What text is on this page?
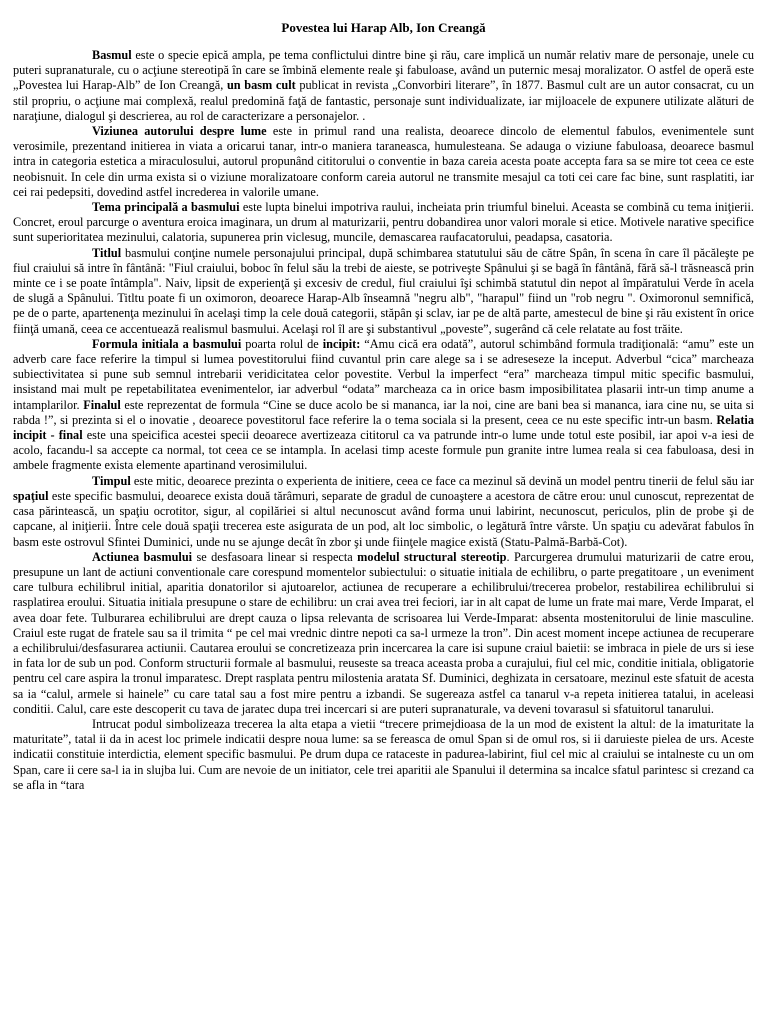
Povestea lui Harap Alb, Ion Creangă

Basmul este o specie epică ampla, pe tema conflictului dintre bine şi rău, care implică un număr relativ mare de personaje, unele cu puteri supranaturale, cu o acţiune stereotipă în care se îmbină elemente reale şi fabuloase, având un puternic mesaj moralizator. O astfel de operă este „Povestea lui Harap-Alb” de Ion Creangă, un basm cult publicat in revista „Convorbiri literare”, în 1877. Basmul cult are un autor consacrat, cu un stil propriu, o acţiune mai complexă, realul predomină faţă de fantastic, personaje sunt individualizate, iar mijloacele de expunere utilizate alături de naraţiune, dialogul şi descrierea, au rol de caracterizare a personajelor. .

Viziunea autorului despre lume este in primul rand una realista, deoarece dincolo de elementul fabulos, evenimentele sunt verosimile, prezentand initierea in viata a oricarui tanar, intr-o maniera taraneasca, humulesteana. Se adauga o viziune fabuloasa, deoarece basmul intra in categoria estetica a miraculosului, autorul propunând cititorului o conventie in baza careia acesta poate accepta fara sa se mire tot ceea ce este neobisnuit. In cele din urma exista si o viziune moralizatoare conform careia autorul ne transmite mesajul ca toti cei care fac bine, sunt rasplatiti, iar cei rai pedepsiti, dovedind astfel increderea in valorile umane.

Tema principală a basmului este lupta binelui impotriva raului, incheiata prin triumful binelui. Aceasta se combină cu tema iniţierii. Concret, eroul parcurge o aventura eroica imaginara, un drum al maturizarii, pentru dobandirea unor valori morale si etice. Motivele narative specifice sunt superioritatea mezinului, calatoria, supunerea prin viclesug, muncile, demascarea raufacatorului, peadapsa, casatoria.

Titlul basmului conţine numele personajului principal, după schimbarea statutului său de către Spân, în scena în care îl păcăleşte pe fiul craiului să intre în fântână: "Fiul craiului, boboc în felul său la trebi de aieste, se potriveşte Spânului şi se bagă în fântână, fără să-l trăsnească prin minte ce i se poate întâmpla". Naiv, lipsit de experienţă şi excesiv de credul, fiul craiului îşi schimbă statutul din nepot al împăratului Verde în acela de slugă a Spânului. Titltu poate fi un oximoron, deoarece Harap-Alb înseamnă "negru alb", "harapul" fiind un "rob negru ". Oximoronul semnifică, pe de o parte, apartenenţa mezinului în acelaşi timp la cele două categorii, stăpân şi sclav, iar pe de altă parte, amestecul de bine şi rău existent în orice fiinţă umană, ceea ce accentuează realismul basmului. Acelaşi rol îl are şi substantivul „poveste”, sugerând că cele relatate au fost trăite.

Formula initiala a basmului poarta rolul de incipit: “Amu cică era odată”, autorul schimbând formula tradiţională: “amu” este un adverb care face referire la timpul si lumea povestitorului fiind cuvantul prin care alege sa i se adreseseze la inceput. Adverbul “cica” marcheaza subiectivitatea si pune sub semnul intrebarii veridicitatea celor povestite. Verbul la imperfect “era” marcheaza timpul mitic specific basmului, insistand mai mult pe repetabilitatea evenimentelor, iar adverbul “odata” marcheaza ca in orice basm imposibilitatea plasarii intr-un timp anume a intamplarilor. Finalul este reprezentat de formula “Cine se duce acolo be si mananca, iar la noi, cine are bani bea si mananca, iara cine nu, se uita si rabda !”, si prezinta si el o inovatie , deoarece povestitorul face referire la o tema sociala si la present, ceea ce nu este specific intr-un basm. Relatia incipit - final este una speicifica acestei specii deoarece avertizeaza cititorul ca va patrunde intr-o lume unde totul este posibil, iar apoi v-a iesi de acolo, facandu-l sa accepte ca normal, tot ceea ce se intampla. In acelasi timp aceste formule pun granite intre lumea reala si cea fabuloasa, desi in ambele fragmente exista elemente apartinand verosimilului.

Timpul este mitic, deoarece prezinta o experienta de initiere, ceea ce face ca mezinul să devină un model pentru tinerii de felul său iar spaţiul este specific basmului, deoarece exista două tărâmuri, separate de gradul de cunoaştere a acestora de către erou: unul cunoscut, reprezentat de casa părintească, un spaţiu ocrotitor, sigur, al copilăriei si altul necunoscut având forma unui labirint, necunoscut, periculos, plin de probe şi de capcane, al iniţierii. Între cele două spaţii trecerea este asigurata de un pod, alt loc simbolic, o legătură între vârste. Un spaţiu cu adevărat fabulos în basm este ostrovul Sfintei Duminici, unde nu se ajunge decât în zbor şi unde fiinţele magice există (Statu-Palmă-Barbă-Cot).

Actiunea basmului se desfasoara linear si respecta modelul structural stereotip. Parcurgerea drumului maturizarii de catre erou, presupune un lant de actiuni conventionale care corespund momentelor subiectului: o situatie initiala de echilibru, o parte pregatitoare , un eveniment care tulbura echilibrul initial, aparitia donatorilor si ajutoarelor, actiunea de recuperare a echilibrului/trecerea probelor, restabilirea echilibrului si rasplatirea eroului. Situatia initiala presupune o stare de echilibru: un crai avea trei feciori, iar in alt capat de lume un frate mai mare, Verde Imparat, el avea doar fete. Tulburarea echilibrului are drept cauza o lipsa relevanta de scrisoarea lui Verde-Imparat: absenta mostenitorului de linie masculine. Craiul este rugat de fratele sau sa il trimita “ pe cel mai vrednic dintre nepoti ca sa-l urmeze la tron”. Din acest moment incepe actiunea de recuperare a echilibrului/desfasurarea actiunii. Cautarea eroului se concretizeaza prin incercarea la care isi supune craiul baietii: se imbraca in piele de urs si iese in fata lor de sub un pod. Conform structurii formale al basmului, reuseste sa treaca aceasta proba a curajului, fiul cel mic, conditie initiala, obligatorie pentru cel care aspira la tronul imparatesc. Drept rasplata pentru milostenia aratata Sf. Duminici, deghizata in cersatoare, mezinul este sfatuit de acesta sa ia “calul, armele si hainele” cu care tatal sau a fost mire pentru a izbandi. Se sugereaza astfel ca tanarul v-a repeta initierea tatalui, in aceleasi conditii. Calul, care este descoperit cu tava de jaratec dupa trei incercari si are puteri supranaturale, va deveni tovarasul si sfatuitorul tanarului.

Intrucat podul simbolizeaza trecerea la alta etapa a vietii “trecere primejdioasa de la un mod de existent la altul: de la imaturitate la maturitate”, tatal ii da in acest loc primele indicatii despre noua lume: sa se fereasca de omul Span si de omul ros, si ii daruieste pielea de urs. Aceste indicatii constituie interdictia, element specific basmului. Pe drum dupa ce rataceste in padurea-labirint, fiul cel mic al craiului se intalneste cu un om Span, care ii cere sa-l ia in slujba lui. Cum are nevoie de un initiator, cele trei aparitii ale Spanului il determina sa incalce sfatul parintesc si crezand ca se afla in “tara
